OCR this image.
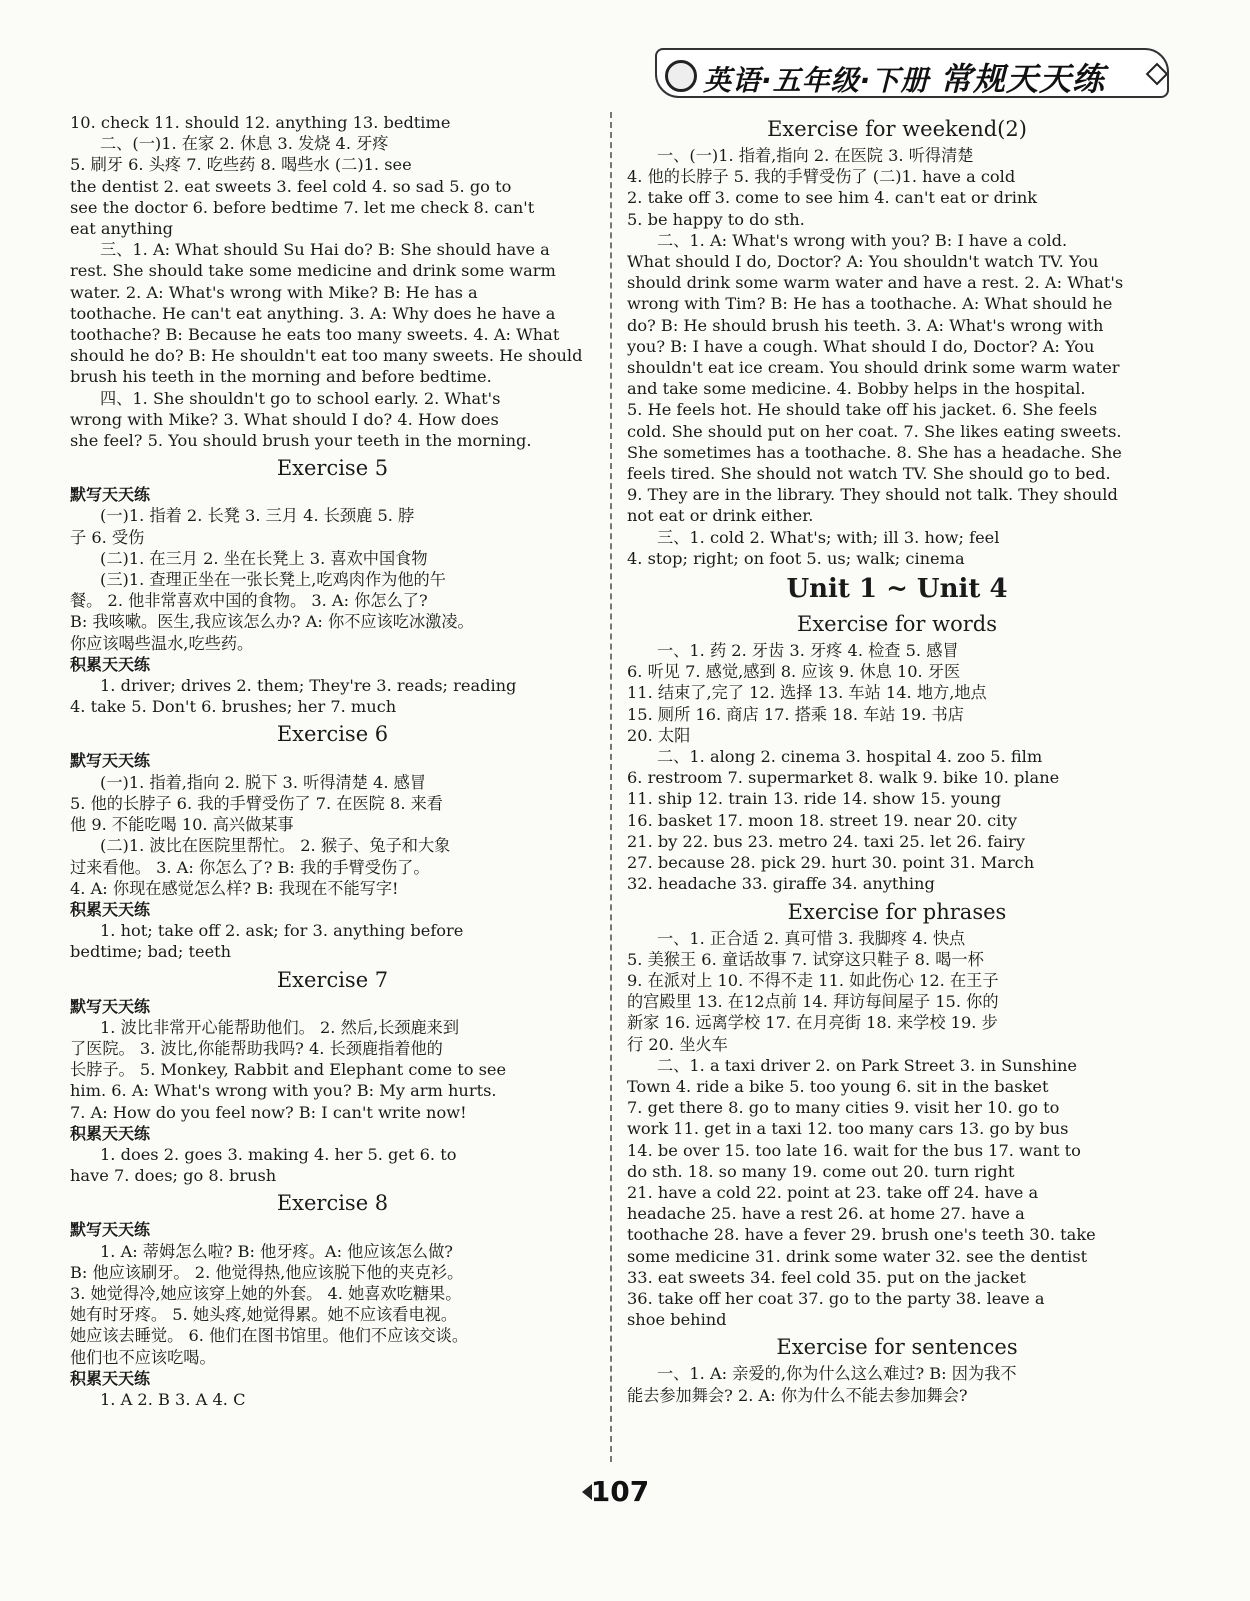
英语·五年级·下册 常规天天练
10. check 11. should 12. anything 13. bedtime
二、(一)1. 在家 2. 休息 3. 发烧 4. 牙疼
5. 刷牙 6. 头疼 7. 吃些药 8. 喝些水 (二)1. see
the dentist 2. eat sweets 3. feel cold 4. so sad 5. go to
see the doctor 6. before bedtime 7. let me check 8. can't
eat anything
三、1. A: What should Su Hai do? B: She should have a
rest. She should take some medicine and drink some warm
water. 2. A: What's wrong with Mike? B: He has a
toothache. He can't eat anything. 3. A: Why does he have a
toothache? B: Because he eats too many sweets. 4. A: What
should he do? B: He shouldn't eat too many sweets. He should
brush his teeth in the morning and before bedtime.
四、1. She shouldn't go to school early. 2. What's
wrong with Mike? 3. What should I do? 4. How does
she feel? 5. You should brush your teeth in the morning.
Exercise 5
默写天天练
(一)1. 指着 2. 长凳 3. 三月 4. 长颈鹿 5. 脖
子 6. 受伤
(二)1. 在三月 2. 坐在长凳上 3. 喜欢中国食物
(三)1. 查理正坐在一张长凳上,吃鸡肉作为他的午
餐。 2. 他非常喜欢中国的食物。 3. A: 你怎么了?
B: 我咳嗽。医生,我应该怎么办? A: 你不应该吃冰激凌。
你应该喝些温水,吃些药。
积累天天练
1. driver; drives 2. them; They're 3. reads; reading
4. take 5. Don't 6. brushes; her 7. much
Exercise 6
默写天天练
(一)1. 指着,指向 2. 脱下 3. 听得清楚 4. 感冒
5. 他的长脖子 6. 我的手臂受伤了 7. 在医院 8. 来看
他 9. 不能吃喝 10. 高兴做某事
(二)1. 波比在医院里帮忙。 2. 猴子、兔子和大象
过来看他。 3. A: 你怎么了? B: 我的手臂受伤了。
4. A: 你现在感觉怎么样? B: 我现在不能写字!
积累天天练
1. hot; take off 2. ask; for 3. anything before
bedtime; bad; teeth
Exercise 7
默写天天练
1. 波比非常开心能帮助他们。 2. 然后,长颈鹿来到
了医院。 3. 波比,你能帮助我吗? 4. 长颈鹿指着他的
长脖子。 5. Monkey, Rabbit and Elephant come to see
him. 6. A: What's wrong with you? B: My arm hurts.
7. A: How do you feel now? B: I can't write now!
积累天天练
1. does 2. goes 3. making 4. her 5. get 6. to
have 7. does; go 8. brush
Exercise 8
默写天天练
1. A: 蒂姆怎么啦? B: 他牙疼。A: 他应该怎么做?
B: 他应该刷牙。 2. 他觉得热,他应该脱下他的夹克衫。
3. 她觉得冷,她应该穿上她的外套。 4. 她喜欢吃糖果。
她有时牙疼。 5. 她头疼,她觉得累。她不应该看电视。
她应该去睡觉。 6. 他们在图书馆里。他们不应该交谈。
他们也不应该吃喝。
积累天天练
1. A 2. B 3. A 4. C
Exercise for weekend(2)
一、(一)1. 指着,指向 2. 在医院 3. 听得清楚
4. 他的长脖子 5. 我的手臂受伤了 (二)1. have a cold
2. take off 3. come to see him 4. can't eat or drink
5. be happy to do sth.
二、1. A: What's wrong with you? B: I have a cold.
What should I do, Doctor? A: You shouldn't watch TV. You
should drink some warm water and have a rest. 2. A: What's
wrong with Tim? B: He has a toothache. A: What should he
do? B: He should brush his teeth. 3. A: What's wrong with
you? B: I have a cough. What should I do, Doctor? A: You
shouldn't eat ice cream. You should drink some warm water
and take some medicine. 4. Bobby helps in the hospital.
5. He feels hot. He should take off his jacket. 6. She feels
cold. She should put on her coat. 7. She likes eating sweets.
She sometimes has a toothache. 8. She has a headache. She
feels tired. She should not watch TV. She should go to bed.
9. They are in the library. They should not talk. They should
not eat or drink either.
三、1. cold 2. What's; with; ill 3. how; feel
4. stop; right; on foot 5. us; walk; cinema
Unit 1 ~ Unit 4
Exercise for words
一、1. 药 2. 牙齿 3. 牙疼 4. 检查 5. 感冒
6. 听见 7. 感觉,感到 8. 应该 9. 休息 10. 牙医
11. 结束了,完了 12. 选择 13. 车站 14. 地方,地点
15. 厕所 16. 商店 17. 搭乘 18. 车站 19. 书店
20. 太阳
二、1. along 2. cinema 3. hospital 4. zoo 5. film
6. restroom 7. supermarket 8. walk 9. bike 10. plane
11. ship 12. train 13. ride 14. show 15. young
16. basket 17. moon 18. street 19. near 20. city
21. by 22. bus 23. metro 24. taxi 25. let 26. fairy
27. because 28. pick 29. hurt 30. point 31. March
32. headache 33. giraffe 34. anything
Exercise for phrases
一、1. 正合适 2. 真可惜 3. 我脚疼 4. 快点
5. 美猴王 6. 童话故事 7. 试穿这只鞋子 8. 喝一杯
9. 在派对上 10. 不得不走 11. 如此伤心 12. 在王子
的宫殿里 13. 在12点前 14. 拜访每间屋子 15. 你的
新家 16. 远离学校 17. 在月亮街 18. 来学校 19. 步
行 20. 坐火车
二、1. a taxi driver 2. on Park Street 3. in Sunshine
Town 4. ride a bike 5. too young 6. sit in the basket
7. get there 8. go to many cities 9. visit her 10. go to
work 11. get in a taxi 12. too many cars 13. go by bus
14. be over 15. too late 16. wait for the bus 17. want to
do sth. 18. so many 19. come out 20. turn right
21. have a cold 22. point at 23. take off 24. have a
headache 25. have a rest 26. at home 27. have a
toothache 28. have a fever 29. brush one's teeth 30. take
some medicine 31. drink some water 32. see the dentist
33. eat sweets 34. feel cold 35. put on the jacket
36. take off her coat 37. go to the party 38. leave a
shoe behind
Exercise for sentences
一、1. A: 亲爱的,你为什么这么难过? B: 因为我不
能去参加舞会? 2. A: 你为什么不能去参加舞会?
107
